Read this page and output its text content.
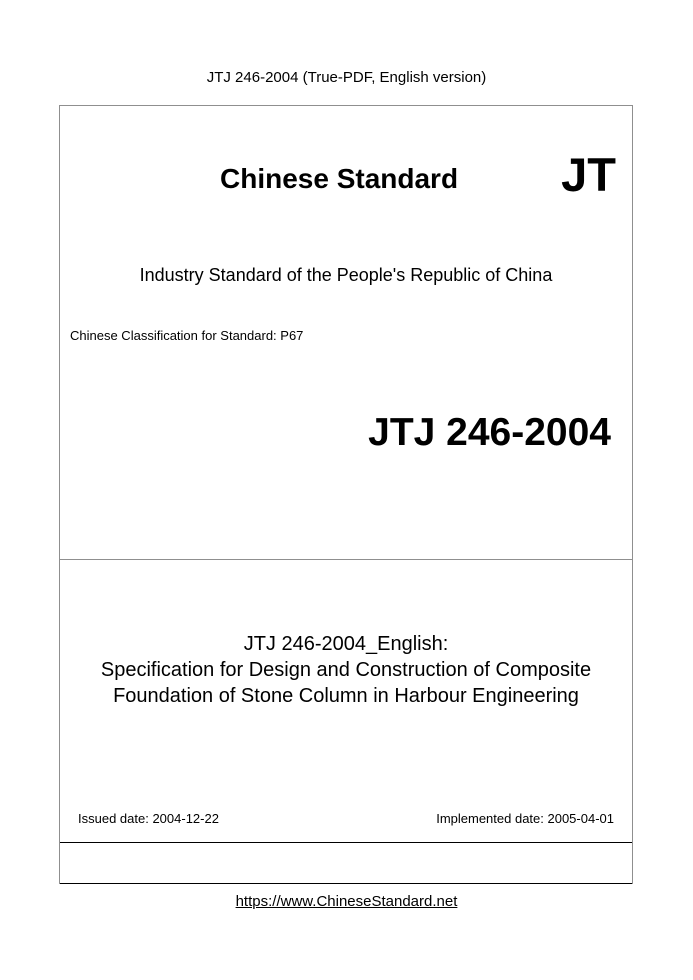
JTJ 246-2004 (True-PDF, English version)
Chinese Standard JT
Industry Standard of the People's Republic of China
Chinese Classification for Standard: P67
JTJ 246-2004
JTJ 246-2004_English:
Specification for Design and Construction of Composite
Foundation of Stone Column in Harbour Engineering
Issued date: 2004-12-22	Implemented date: 2005-04-01
https://www.ChineseStandard.net
